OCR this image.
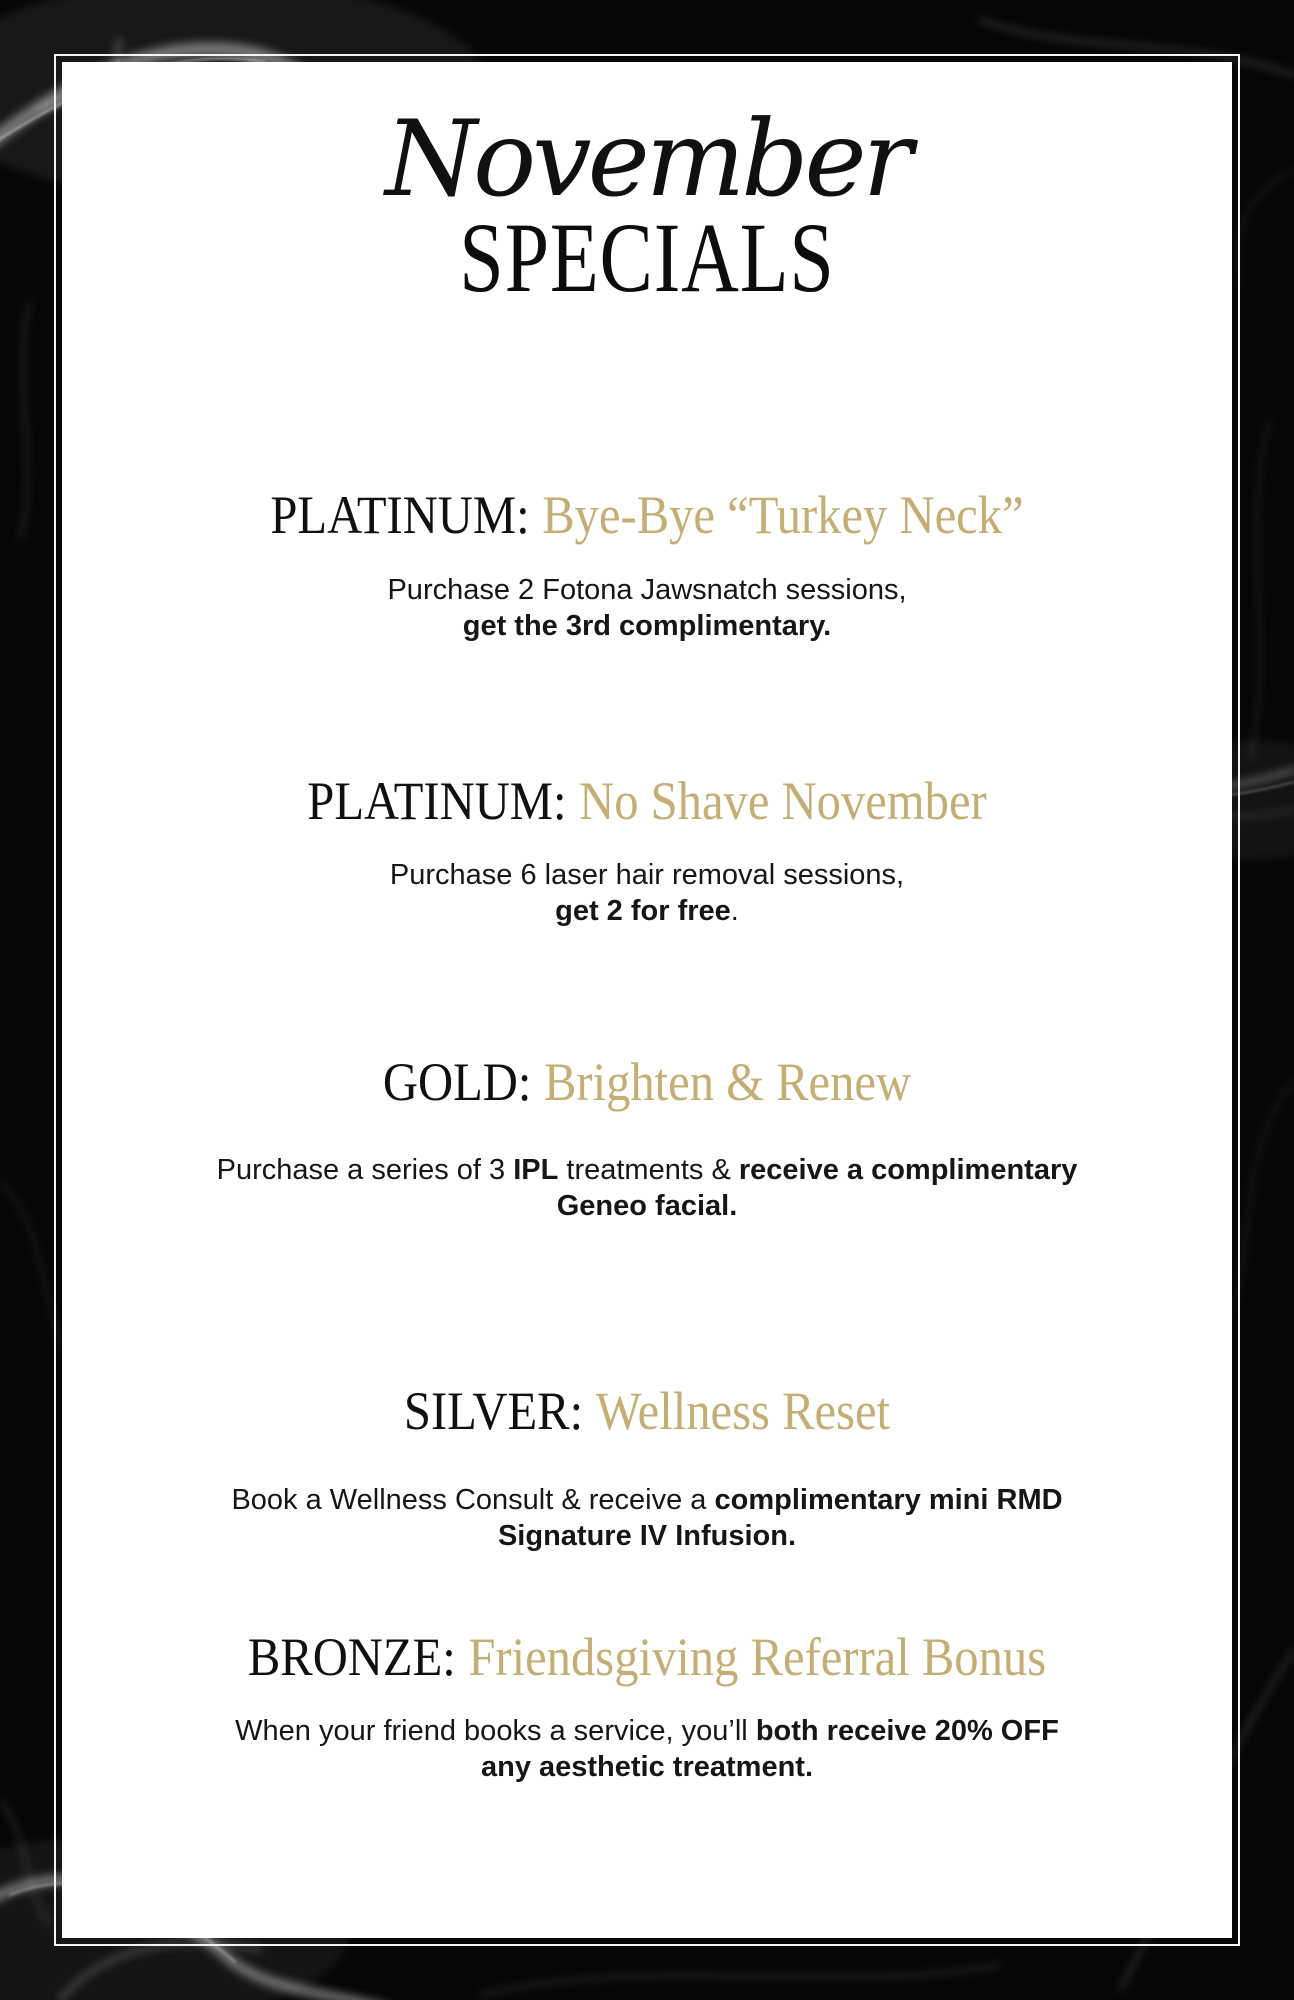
November
SPECIALS
PLATINUM: Bye-Bye “Turkey Neck”

Purchase 2 Fotona Jawsnatch sessions,
get the 3rd complimentary.

PLATINUM: No Shave November

Purchase 6 laser hair removal sessions,
get 2 for free.

GOLD: Brighten & Renew

Purchase a series of 3 IPL treatments & receive a complimentary
Geneo facial.

SILVER: Wellness Reset

Book a Wellness Consult & receive a complimentary mini RMD
Signature IV Infusion.

BRONZE: Friendsgiving Referral Bonus

When your friend books a service, you’ll both receive 20% OFF
any aesthetic treatment.
